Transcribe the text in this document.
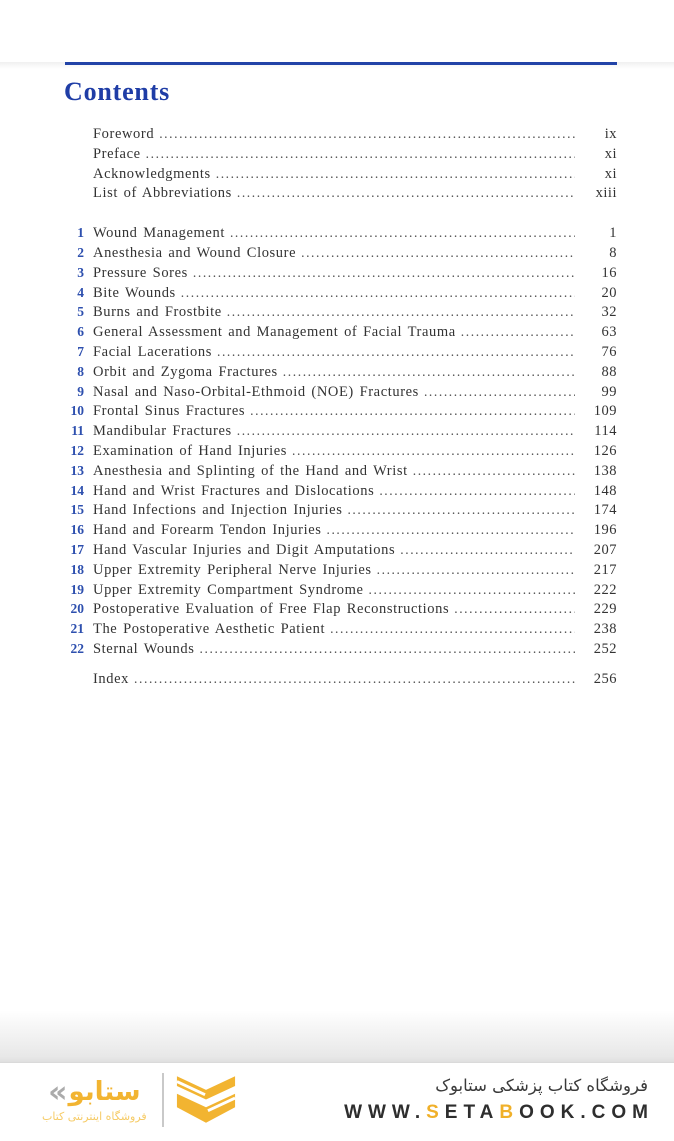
Contents
Foreword .....	ix
Preface .....	xi
Acknowledgments .....	xi
List of Abbreviations .....	xiii
1 Wound Management .....	1
2 Anesthesia and Wound Closure .....	8
3 Pressure Sores .....	16
4 Bite Wounds .....	20
5 Burns and Frostbite .....	32
6 General Assessment and Management of Facial Trauma .....	63
7 Facial Lacerations .....	76
8 Orbit and Zygoma Fractures .....	88
9 Nasal and Naso-Orbital-Ethmoid (NOE) Fractures .....	99
10 Frontal Sinus Fractures .....	109
11 Mandibular Fractures .....	114
12 Examination of Hand Injuries .....	126
13 Anesthesia and Splinting of the Hand and Wrist .....	138
14 Hand and Wrist Fractures and Dislocations .....	148
15 Hand Infections and Injection Injuries .....	174
16 Hand and Forearm Tendon Injuries .....	196
17 Hand Vascular Injuries and Digit Amputations .....	207
18 Upper Extremity Peripheral Nerve Injuries .....	217
19 Upper Extremity Compartment Syndrome .....	222
20 Postoperative Evaluation of Free Flap Reconstructions .....	229
21 The Postoperative Aesthetic Patient .....	238
22 Sternal Wounds .....	252
Index .....	256
« ستابو
فروشگاه اینترنتی کتاب
فروشگاه کتاب پزشکی ستابوک
WWW.SETABOOK.COM
